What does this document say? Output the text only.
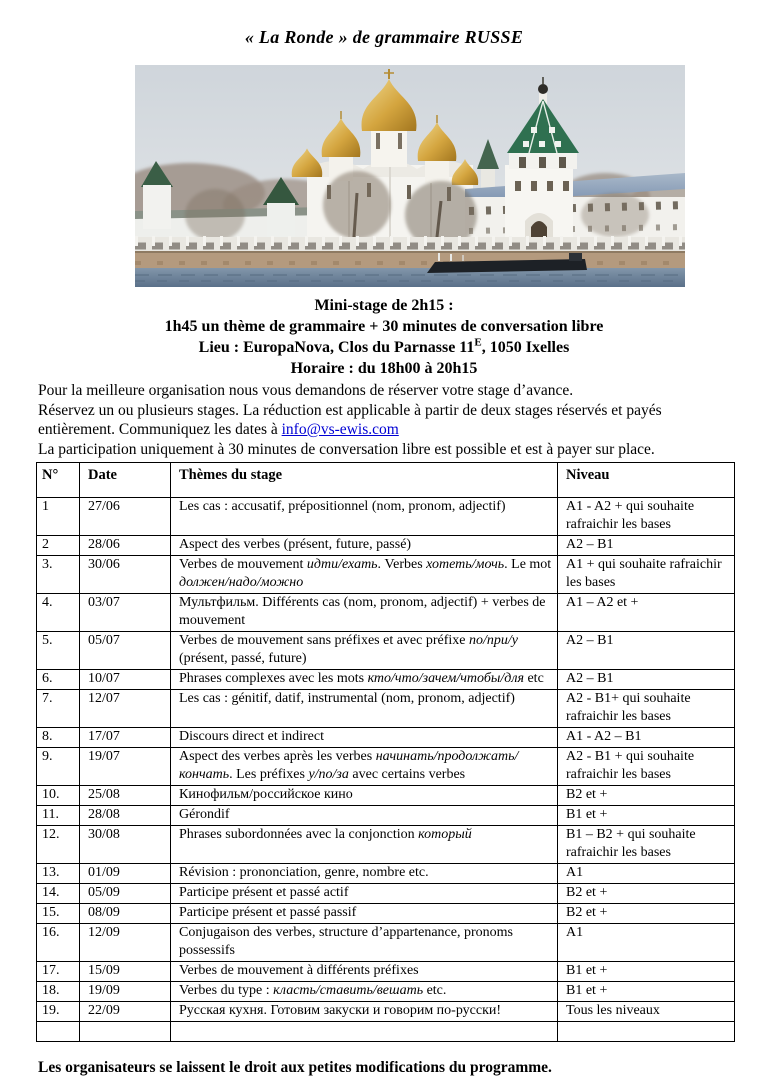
« La Ronde » de grammaire RUSSE
Mini-stage de 2h15 :
1h45 un thème de grammaire + 30 minutes de conversation libre
Lieu : EuropaNova, Clos du Parnasse $11^E$, 1050 Ixelles
Horaire : du 18h00 à 20h15
Pour la meilleure organisation nous vous demandons de réserver votre stage d’avance.
Réservez un ou plusieurs stages. La réduction est applicable à partir de deux stages réservés et payés entièrement. Communiquez les dates à info@vs-ewis.com
La participation uniquement à 30 minutes de conversation libre est possible et est à payer sur place.
N°	Date	Thèmes du stage	Niveau
1	27/06	Les cas : accusatif, prépositionnel (nom, pronom, adjectif)	A1 - A2 + qui souhaite rafraichir les bases
2	28/06	Aspect des verbes (présent, future, passé)	A2 – B1
3.	30/06	Verbes de mouvement идти/ехать. Verbes хотеть/мочь. Le mot должен/надо/можно	A1 + qui souhaite rafraichir les bases
4.	03/07	Мультфильм. Différents cas (nom, pronom, adjectif) + verbes de mouvement	A1 – A2 et +
5.	05/07	Verbes de mouvement sans préfixes et avec préfixe по/при/у (présent, passé, future)	A2 – B1
6.	10/07	Phrases complexes avec les mots кто/что/зачем/чтобы/для etc	A2 – B1
7.	12/07	Les cas : génitif, datif, instrumental (nom, pronom, adjectif)	A2 - B1+ qui souhaite rafraichir les bases
8.	17/07	Discours direct et indirect	A1 - A2 – B1
9.	19/07	Aspect des verbes après les verbes начинать/продолжать/кончать. Les préfixes у/по/за avec certains verbes	A2 - B1 + qui souhaite rafraichir les bases
10.	25/08	Кинофильм/российское кино	B2 et +
11.	28/08	Gérondif	B1 et +
12.	30/08	Phrases subordonnées avec la conjonction который	B1 – B2 + qui souhaite rafraichir les bases
13.	01/09	Révision : prononciation, genre, nombre etc.	A1
14.	05/09	Participe présent et passé actif	B2 et +
15.	08/09	Participe présent et passé passif	B2 et +
16.	12/09	Conjugaison des verbes, structure d’appartenance, pronoms possessifs	A1
17.	15/09	Verbes de mouvement à différents préfixes	B1 et +
18.	19/09	Verbes du type : класть/ставить/вешать etc.	B1 et +
19.	22/09	Русская кухня. Готовим закуски и говорим по-русски!	Tous les niveaux

Les organisateurs se laissent le droit aux petites modifications du programme.
